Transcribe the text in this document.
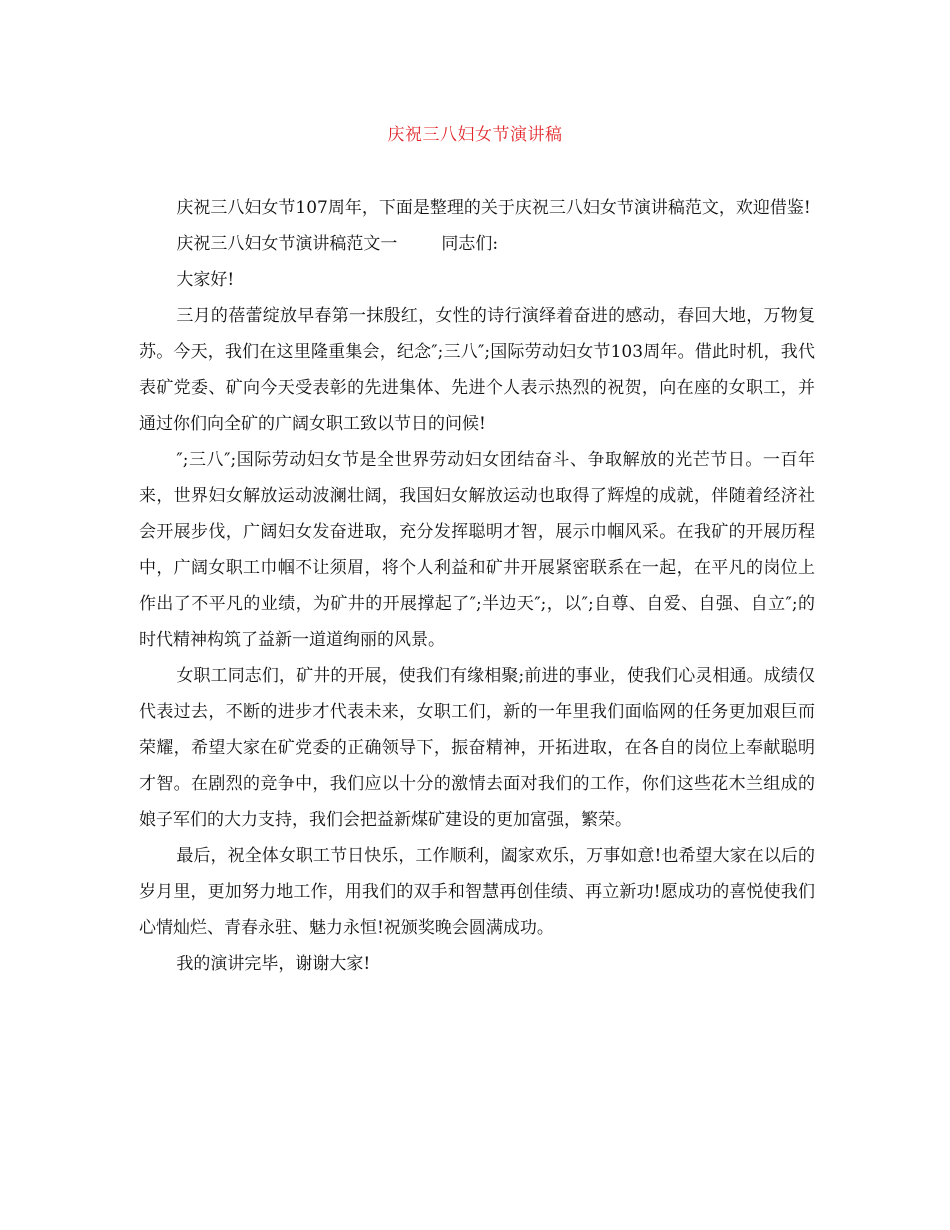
庆祝三八妇女节演讲稿

庆祝三八妇女节107周年，下面是整理的关于庆祝三八妇女节演讲稿范文，欢迎借鉴!

庆祝三八妇女节演讲稿范文一	同志们:

大家好!

三月的蓓蕾绽放早春第一抹殷红，女性的诗行演绎着奋进的感动，春回大地，万物复苏。今天，我们在这里隆重集会，纪念″;三八″;国际劳动妇女节103周年。借此时机，我代表矿党委、矿向今天受表彰的先进集体、先进个人表示热烈的祝贺，向在座的女职工，并通过你们向全矿的广阔女职工致以节日的问候!

″;三八″;国际劳动妇女节是全世界劳动妇女团结奋斗、争取解放的光芒节日。一百年来，世界妇女解放运动波澜壮阔，我国妇女解放运动也取得了辉煌的成就，伴随着经济社会开展步伐，广阔妇女发奋进取，充分发挥聪明才智，展示巾帼风采。在我矿的开展历程中，广阔女职工巾帼不让须眉，将个人利益和矿井开展紧密联系在一起，在平凡的岗位上作出了不平凡的业绩，为矿井的开展撑起了″;半边天″;，以″;自尊、自爱、自强、自立″;的时代精神构筑了益新一道道绚丽的风景。

女职工同志们，矿井的开展，使我们有缘相聚;前进的事业，使我们心灵相通。成绩仅代表过去，不断的进步才代表未来，女职工们，新的一年里我们面临网的任务更加艰巨而荣耀，希望大家在矿党委的正确领导下，振奋精神，开拓进取，在各自的岗位上奉献聪明才智。在剧烈的竞争中，我们应以十分的激情去面对我们的工作，你们这些花木兰组成的娘子军们的大力支持，我们会把益新煤矿建设的更加富强，繁荣。

最后，祝全体女职工节日快乐，工作顺利，阖家欢乐，万事如意!也希望大家在以后的岁月里，更加努力地工作，用我们的双手和智慧再创佳绩、再立新功!愿成功的喜悦使我们心情灿烂、青春永驻、魅力永恒!祝颁奖晚会圆满成功。

我的演讲完毕，谢谢大家!
